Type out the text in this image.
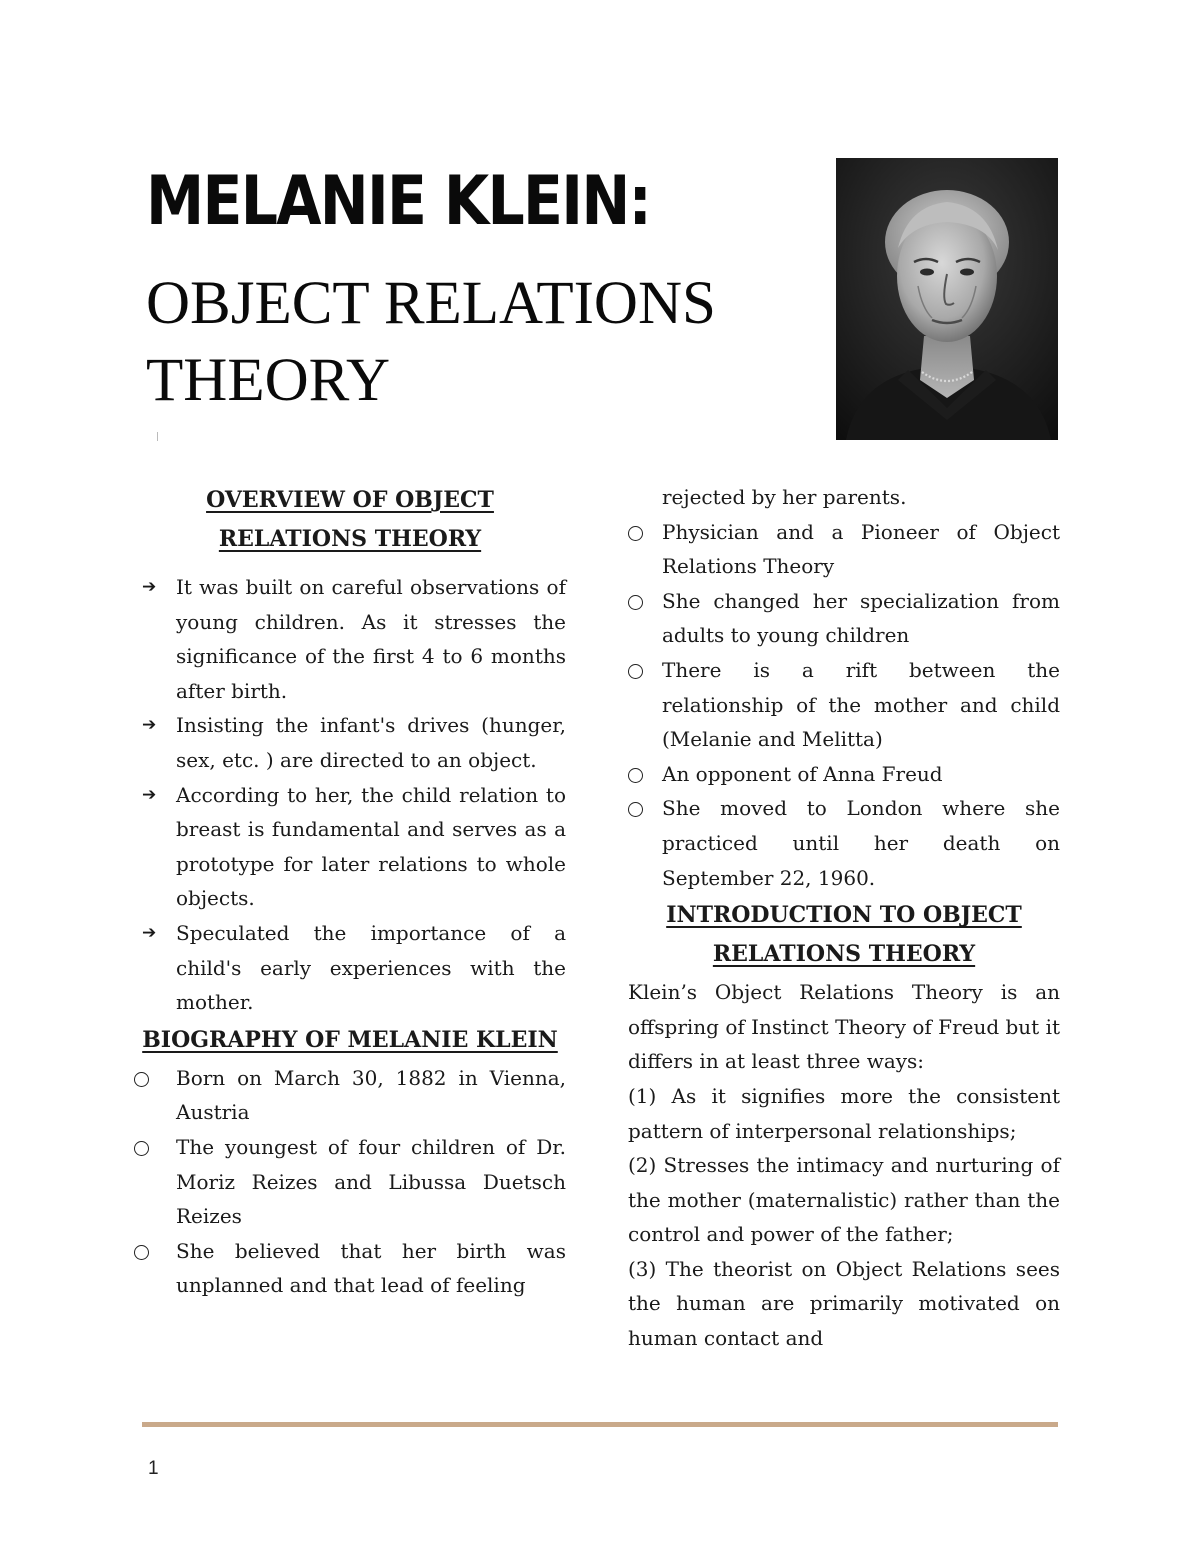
MELANIE KLEIN:
OBJECT RELATIONS THEORY
OVERVIEW OF OBJECT RELATIONS THEORY
➔ It was built on careful observations of young children. As it stresses the significance of the first 4 to 6 months after birth.
➔ Insisting the infant's drives (hunger, sex, etc. ) are directed to an object.
➔ According to her, the child relation to breast is fundamental and serves as a prototype for later relations to whole objects.
➔ Speculated the importance of a child's early experiences with the mother.
BIOGRAPHY OF MELANIE KLEIN
Born on March 30, 1882 in Vienna, Austria
The youngest of four children of Dr. Moriz Reizes and Libussa Duetsch Reizes
She believed that her birth was unplanned and that lead of feeling
rejected by her parents.
Physician and a Pioneer of Object Relations Theory
She changed her specialization from adults to young children
There is a rift between the relationship of the mother and child (Melanie and Melitta)
An opponent of Anna Freud
She moved to London where she practiced until her death on September 22, 1960.
INTRODUCTION TO OBJECT RELATIONS THEORY

Klein’s Object Relations Theory is an offspring of Instinct Theory of Freud but it differs in at least three ways:

(1) As it signifies more the consistent pattern of interpersonal relationships;

(2) Stresses the intimacy and nurturing of the mother (maternalistic) rather than the control and power of the father;

(3) The theorist on Object Relations sees the human are primarily motivated on human contact and

1
